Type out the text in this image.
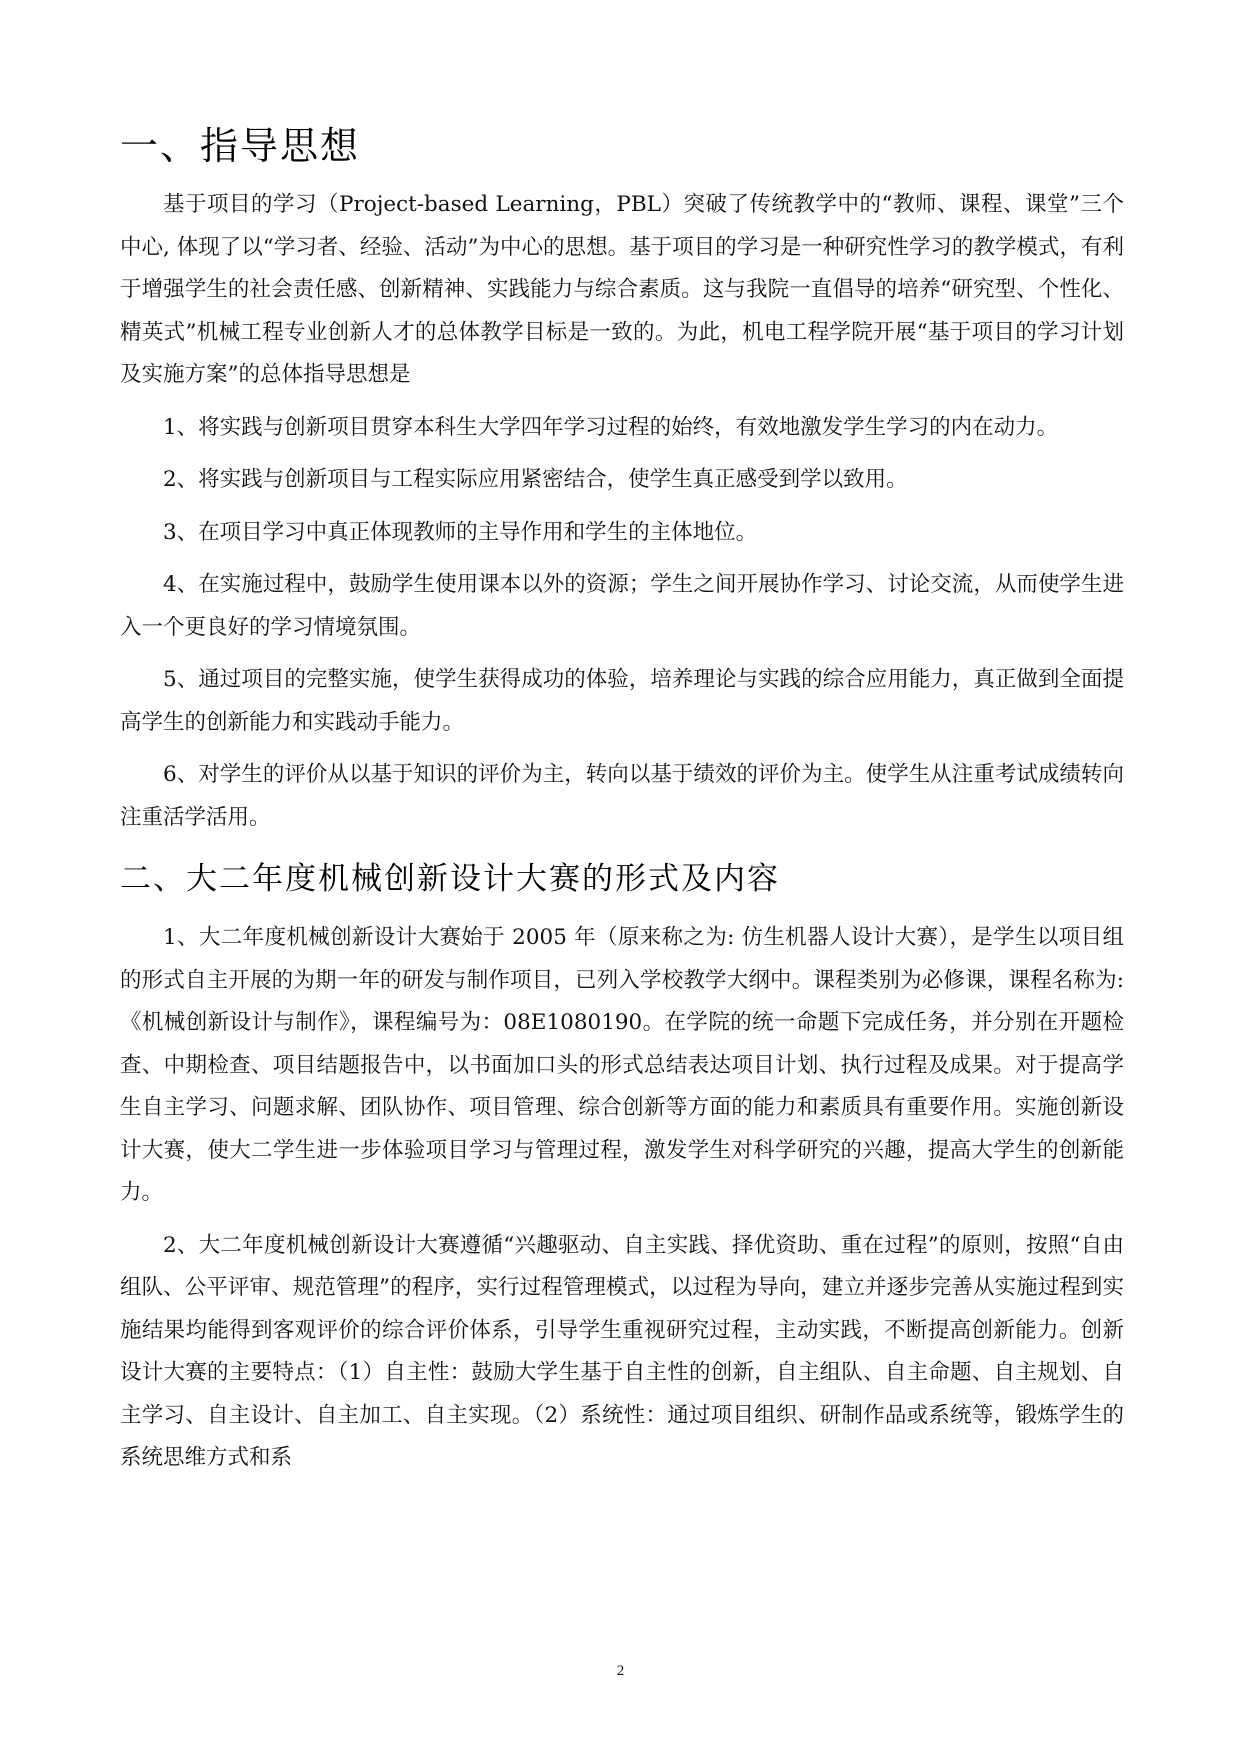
一、指导思想

基于项目的学习（Project-based Learning，PBL）突破了传统教学中的“教师、课程、课堂”三个中心, 体现了以“学习者、经验、活动”为中心的思想。基于项目的学习是一种研究性学习的教学模式，有利于增强学生的社会责任感、创新精神、实践能力与综合素质。这与我院一直倡导的培养“研究型、个性化、精英式”机械工程专业创新人才的总体教学目标是一致的。为此，机电工程学院开展“基于项目的学习计划及实施方案”的总体指导思想是

1、将实践与创新项目贯穿本科生大学四年学习过程的始终，有效地激发学生学习的内在动力。

2、将实践与创新项目与工程实际应用紧密结合，使学生真正感受到学以致用。

3、在项目学习中真正体现教师的主导作用和学生的主体地位。

4、在实施过程中，鼓励学生使用课本以外的资源；学生之间开展协作学习、讨论交流，从而使学生进入一个更良好的学习情境氛围。

5、通过项目的完整实施，使学生获得成功的体验，培养理论与实践的综合应用能力，真正做到全面提高学生的创新能力和实践动手能力。

6、对学生的评价从以基于知识的评价为主，转向以基于绩效的评价为主。使学生从注重考试成绩转向注重活学活用。

二、大二年度机械创新设计大赛的形式及内容

1、大二年度机械创新设计大赛始于 2005 年（原来称之为: 仿生机器人设计大赛），是学生以项目组的形式自主开展的为期一年的研发与制作项目，已列入学校教学大纲中。课程类别为必修课，课程名称为:《机械创新设计与制作》，课程编号为：08E1080190。在学院的统一命题下完成任务，并分别在开题检查、中期检查、项目结题报告中，以书面加口头的形式总结表达项目计划、执行过程及成果。对于提高学生自主学习、问题求解、团队协作、项目管理、综合创新等方面的能力和素质具有重要作用。实施创新设计大赛，使大二学生进一步体验项目学习与管理过程，激发学生对科学研究的兴趣，提高大学生的创新能力。

2、大二年度机械创新设计大赛遵循“兴趣驱动、自主实践、择优资助、重在过程”的原则，按照“自由组队、公平评审、规范管理”的程序，实行过程管理模式，以过程为导向，建立并逐步完善从实施过程到实施结果均能得到客观评价的综合评价体系，引导学生重视研究过程，主动实践，不断提高创新能力。创新设计大赛的主要特点：（1）自主性：鼓励大学生基于自主性的创新，自主组队、自主命题、自主规划、自主学习、自主设计、自主加工、自主实现。（2）系统性：通过项目组织、研制作品或系统等，锻炼学生的系统思维方式和系

2
